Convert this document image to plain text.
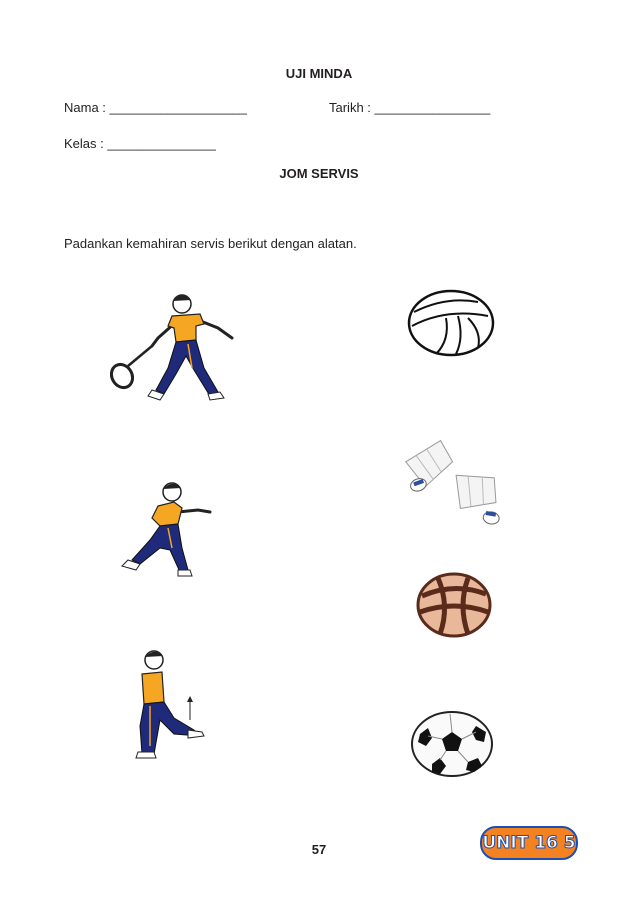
UJI MINDA
Nama : ___________________	Tarikh : ________________
Kelas : _______________
JOM SERVIS
Padankan kemahiran servis berikut dengan alatan.
57	UNIT 16 5
